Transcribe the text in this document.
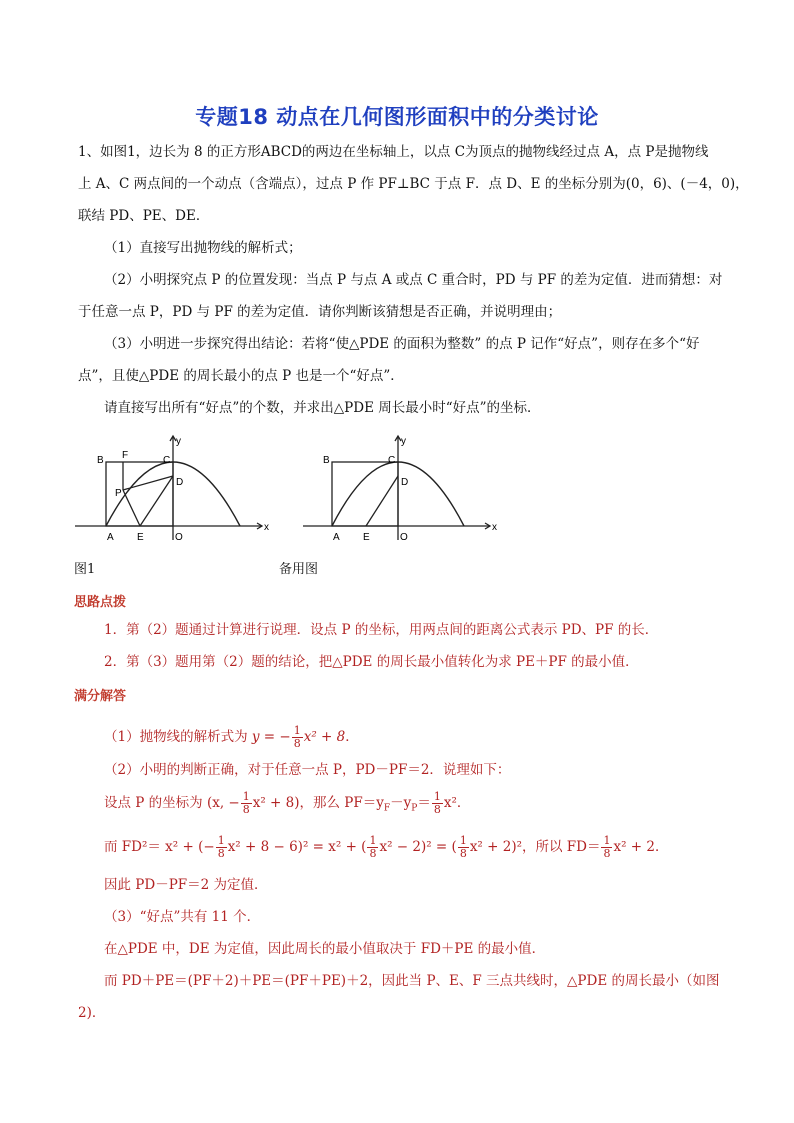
专题18 动点在几何图形面积中的分类讨论
1、如图1，边长为 8 的正方形ABCD的两边在坐标轴上，以点 C为顶点的抛物线经过点 A，点 P是抛物线
上 A、C 两点间的一个动点（含端点），过点 P 作 PF⊥BC 于点 F．点 D、E 的坐标分别为(0，6)、(－4，0)，
联结 PD、PE、DE．
（1）直接写出抛物线的解析式；
（2）小明探究点 P 的位置发现：当点 P 与点 A 或点 C 重合时，PD 与 PF 的差为定值．进而猜想：对
于任意一点 P，PD 与 PF 的差为定值．请你判断该猜想是否正确，并说明理由；
（3）小明进一步探究得出结论：若将“使△PDE 的面积为整数” 的点 P 记作“好点”，则存在多个“好
点”，且使△PDE 的周长最小的点 P 也是一个“好点”．
请直接写出所有“好点”的个数，并求出△PDE 周长最小时“好点”的坐标．
B F	C
y
P
D
x
A E	O
B	C
y
D
x
A E	O
图1	备用图
思路点拨
1．第（2）题通过计算进行说理．设点 P 的坐标，用两点间的距离公式表示 PD、PF 的长．
2．第（3）题用第（2）题的结论，把△PDE 的周长最小值转化为求 PE＋PF 的最小值．
满分解答
（1）抛物线的解析式为 y = − $\frac{1}{8} x^2 + 8$．
（2）小明的判断正确，对于任意一点 P，PD－PF＝2．说理如下：
设点 P 的坐标为 (x, − $\frac{1}{8} x^2 + 8$)，那么 $PF=y_F-y_P= \frac{1}{8} x^2$．
而 FD²＝ x² + (− $\frac{1}{8} x^2 + 8 - 6)^2 = x^2$ + ( $\frac{1}{8} x^2 - 2)^2$ = ( $\frac{1}{8} x^2 + 2)^2$，所以 $FD= \frac{1}{8} x^2 + 2$．
因此 PD－PF＝2 为定值．
（3）“好点”共有 11 个．
在△PDE 中，DE 为定值，因此周长的最小值取决于 FD＋PE 的最小值．
而 PD＋PE＝(PF＋2)＋PE＝(PF＋PE)＋2，因此当 P、E、F 三点共线时，△PDE 的周长最小（如图
2)．
